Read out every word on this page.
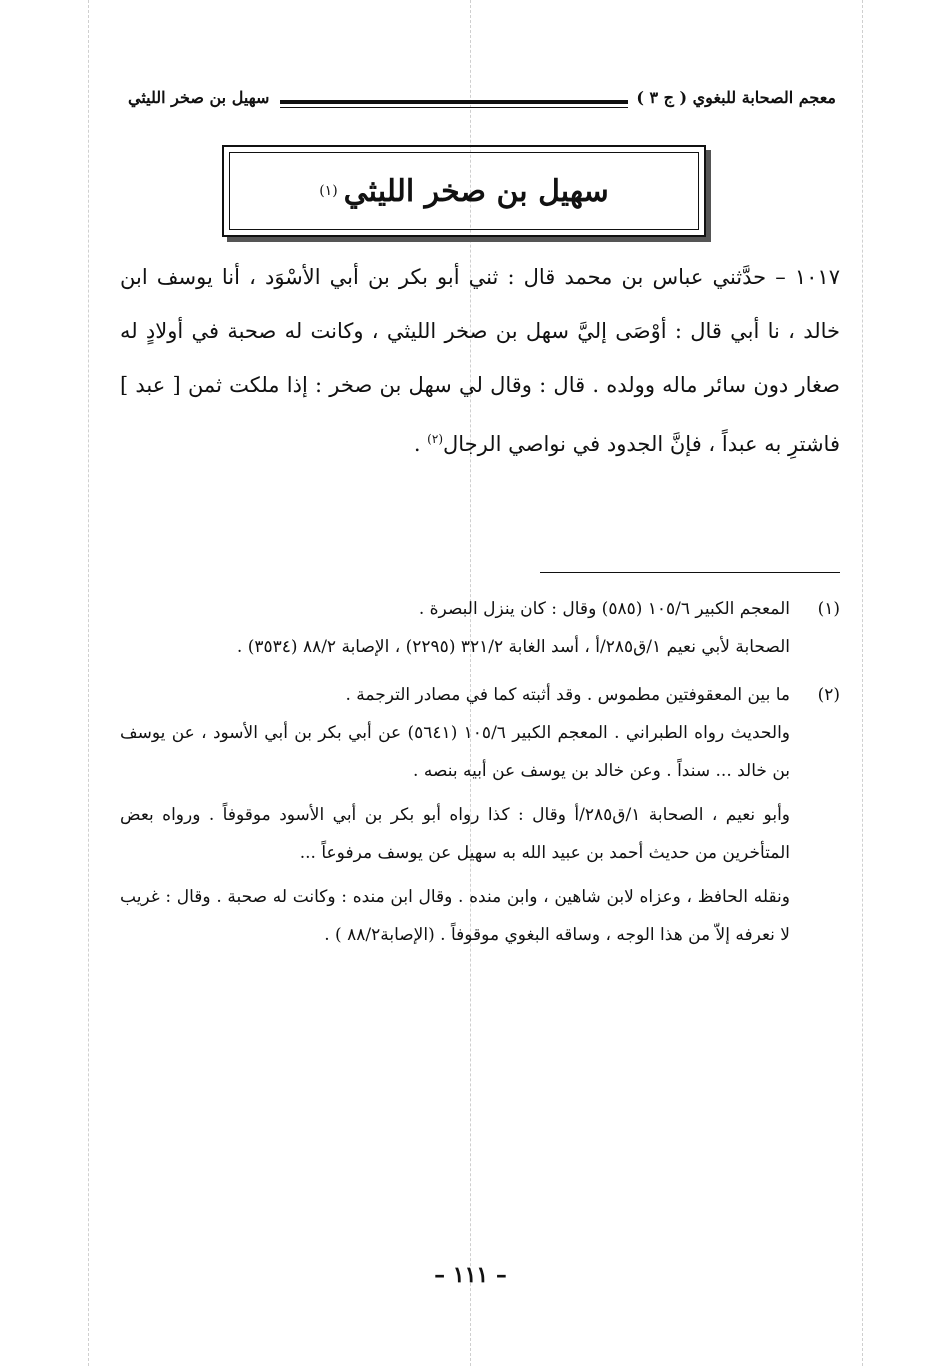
معجم الصحابة للبغوي ( ج ٣ )
سهيل بن صخر الليثي
سهيل بن صخر الليثي
(١)

١٠١٧ – حدَّثني عباس بن محمد قال : ثني أبو بكر بن أبي الأسْوَد ، أنا يوسف ابن خالد ، نا أبي قال : أوْصَى إليَّ سهل بن صخر الليثي ، وكانت له صحبة في أولادٍ له صغار دون سائر ماله وولده . قال : وقال لي سهل بن صخر : إذا ملكت ثمن [ عبد ] فاشترِ به عبداً ، فإنَّ الجدود في نواصي الرجال$^{(٢)}$ .

(١)
المعجم الكبير ١٠٥/٦ (٥٨٥) وقال : كان ينزل البصرة .
الصحابة لأبي نعيم ١/ق٢٨٥/أ ، أسد الغابة ٣٢١/٢ (٢٢٩٥) ، الإصابة ٨٨/٢ (٣٥٣٤) .
(٢)
ما بين المعقوفتين مطموس . وقد أثبته كما في مصادر الترجمة .
والحديث رواه الطبراني . المعجم الكبير ١٠٥/٦ (٥٦٤١) عن أبي بكر بن أبي الأسود ، عن يوسف بن خالد ... سنداً . وعن خالد بن يوسف عن أبيه بنصه .
وأبو نعيم ، الصحابة ١/ق٢٨٥/أ وقال : كذا رواه أبو بكر بن أبي الأسود موقوفاً . ورواه بعض المتأخرين من حديث أحمد بن عبيد الله به سهيل عن يوسف مرفوعاً ...
ونقله الحافظ ، وعزاه لابن شاهين ، وابن منده . وقال ابن منده : وكانت له صحبة . وقال : غريب لا نعرفه إلاّ من هذا الوجه ، وساقه البغوي موقوفاً . (الإصابة٨٨/٢ ) .
– ١١١ –
